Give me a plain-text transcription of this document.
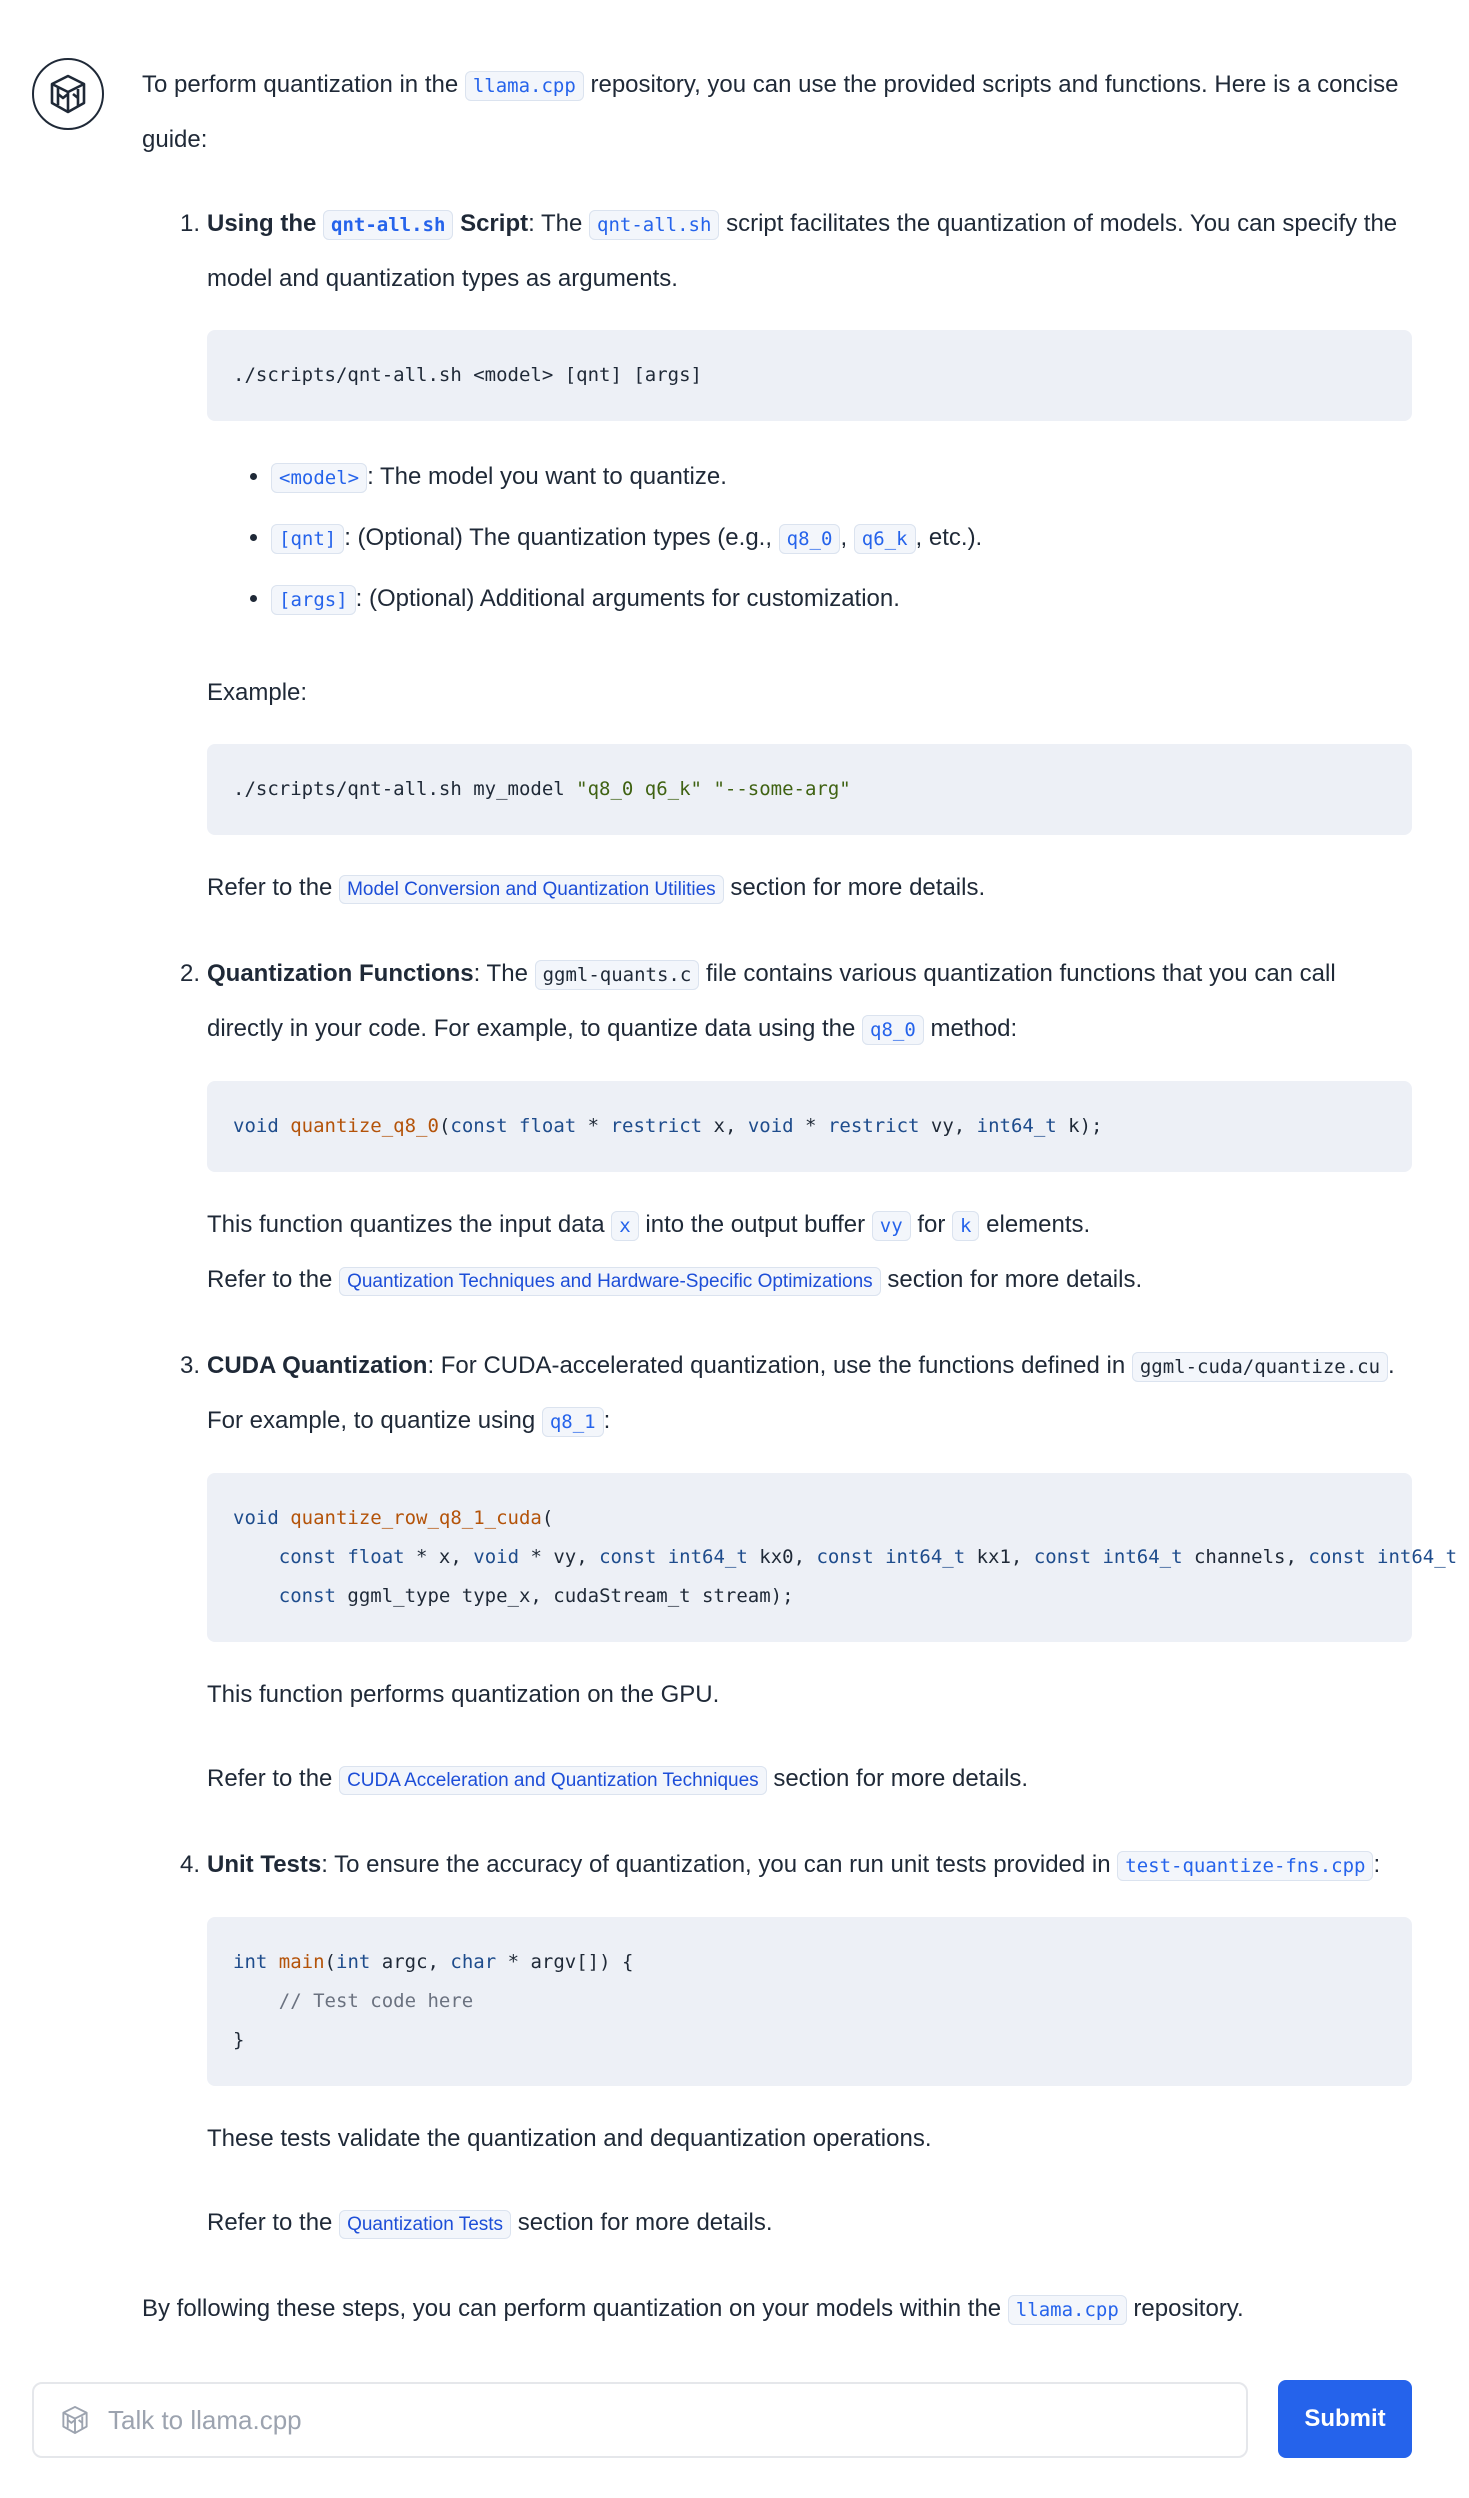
To perform quantization in the llama.cpp repository, you can use the provided scripts and functions. Here is a concise guide:

1. Using the qnt-all.sh Script: The qnt-all.sh script facilitates the quantization of models. You can specify the model and quantization types as arguments.

./scripts/qnt-all.sh <model> [qnt] [args]
• <model> : The model you want to quantize.
• [qnt] : (Optional) The quantization types (e.g., q8_0 , q6_k , etc.).
• [args] : (Optional) Additional arguments for customization.

Example:

./scripts/qnt-all.sh my_model "q8_0 q6_k" "--some-arg"

Refer to the Model Conversion and Quantization Utilities section for more details.

2. Quantization Functions: The ggml-quants.c file contains various quantization functions that you can call directly in your code. For example, to quantize data using the q8_0 method:

void quantize_q8_0(const float * restrict x, void * restrict vy, int64_t k);

This function quantizes the input data x into the output buffer vy for k elements.

Refer to the Quantization Techniques and Hardware-Specific Optimizations section for more details.

3. CUDA Quantization: For CUDA-accelerated quantization, use the functions defined in ggml-cuda/quantize.cu . For example, to quantize using q8_1 :

void quantize_row_q8_1_cuda(
const float * x, void * vy, const int64_t kx0, const int64_t kx1, const int64_t channels, const int64_t
const ggml_type type_x, cudaStream_t stream);

This function performs quantization on the GPU.

Refer to the CUDA Acceleration and Quantization Techniques section for more details.

4. Unit Tests: To ensure the accuracy of quantization, you can run unit tests provided in test-quantize-fns.cpp :

int main(int argc, char * argv[]) {
// Test code here
}

These tests validate the quantization and dequantization operations.

Refer to the Quantization Tests section for more details.

By following these steps, you can perform quantization on your models within the llama.cpp repository.

Talk to llama.cpp
Submit
